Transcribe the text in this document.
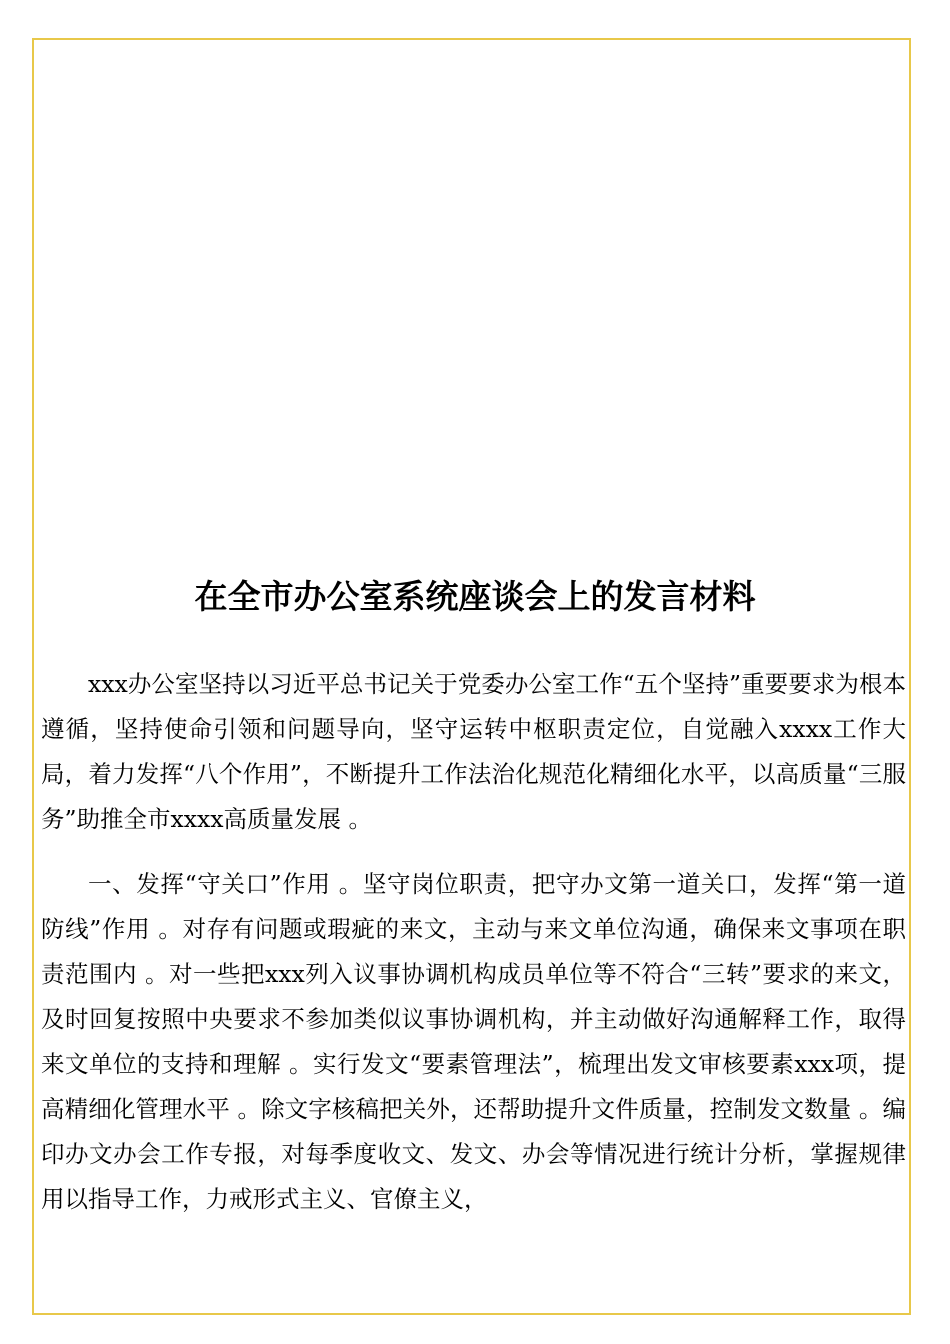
在全市办公室系统座谈会上的发言材料

xxx办公室坚持以习近平总书记关于党委办公室工作“五个坚持”重要要求为根本遵循，坚持使命引领和问题导向，坚守运转中枢职责定位，自觉融入xxxx工作大局，着力发挥“八个作用”，不断提升工作法治化规范化精细化水平，以高质量“三服务”助推全市xxxx高质量发展 。

一、发挥“守关口”作用 。坚守岗位职责，把守办文第一道关口，发挥“第一道防线”作用 。对存有问题或瑕疵的来文，主动与来文单位沟通，确保来文事项在职责范围内 。对一些把xxx列入议事协调机构成员单位等不符合“三转”要求的来文，及时回复按照中央要求不参加类似议事协调机构，并主动做好沟通解释工作，取得来文单位的支持和理解 。实行发文“要素管理法”，梳理出发文审核要素xxx项，提高精细化管理水平 。除文字核稿把关外，还帮助提升文件质量，控制发文数量 。编印办文办会工作专报，对每季度收文、发文、办会等情况进行统计分析，掌握规律用以指导工作，力戒形式主义、官僚主义，
